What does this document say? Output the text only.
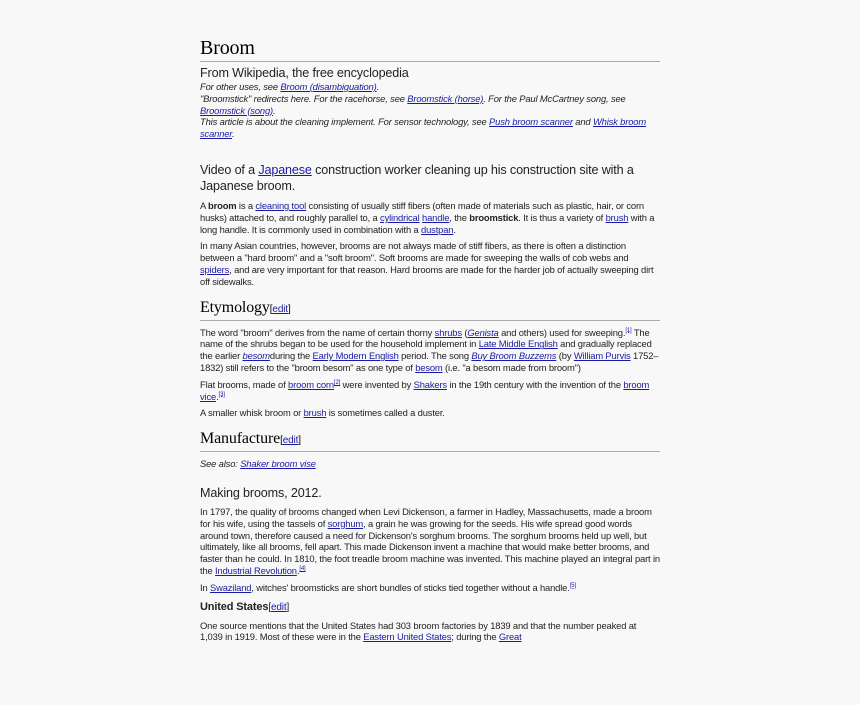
Broom
From Wikipedia, the free encyclopedia

For other uses, see Broom (disambiguation).

"Broomstick" redirects here. For the racehorse, see Broomstick (horse). For the Paul McCartney song, see Broomstick (song).

This article is about the cleaning implement. For sensor technology, see Push broom scanner and Whisk broom scanner.

Video of a Japanese construction worker cleaning up his construction site with a Japanese broom.

A broom is a cleaning tool consisting of usually stiff fibers (often made of materials such as plastic, hair, or corn husks) attached to, and roughly parallel to, a cylindrical handle, the broomstick. It is thus a variety of brush with a long handle. It is commonly used in combination with a dustpan.

In many Asian countries, however, brooms are not always made of stiff fibers, as there is often a distinction between a "hard broom" and a "soft broom". Soft brooms are made for sweeping the walls of cob webs and spiders, and are very important for that reason. Hard brooms are made for the harder job of actually sweeping dirt off sidewalks.

Etymology[edit]

The word "broom" derives from the name of certain thorny shrubs (Genista and others) used for sweeping.[1] The name of the shrubs began to be used for the household implement in Late Middle English and gradually replaced the earlier besomduring the Early Modern English period. The song Buy Broom Buzzems (by William Purvis 1752–1832) still refers to the "broom besom" as one type of besom (i.e. "a besom made from broom")

Flat brooms, made of broom corn[2] were invented by Shakers in the 19th century with the invention of the broom vice.[3]

A smaller whisk broom or brush is sometimes called a duster.

Manufacture[edit]

See also: Shaker broom vise

Making brooms, 2012.

In 1797, the quality of brooms changed when Levi Dickenson, a farmer in Hadley, Massachusetts, made a broom for his wife, using the tassels of sorghum, a grain he was growing for the seeds. His wife spread good words around town, therefore caused a need for Dickenson's sorghum brooms. The sorghum brooms held up well, but ultimately, like all brooms, fell apart. This made Dickenson invent a machine that would make better brooms, and faster than he could. In 1810, the foot treadle broom machine was invented. This machine played an integral part in the Industrial Revolution.[4]

In Swaziland, witches' broomsticks are short bundles of sticks tied together without a handle.[5]

United States[edit]

One source mentions that the United States had 303 broom factories by 1839 and that the number peaked at 1,039 in 1919. Most of these were in the Eastern United States; during the Great
